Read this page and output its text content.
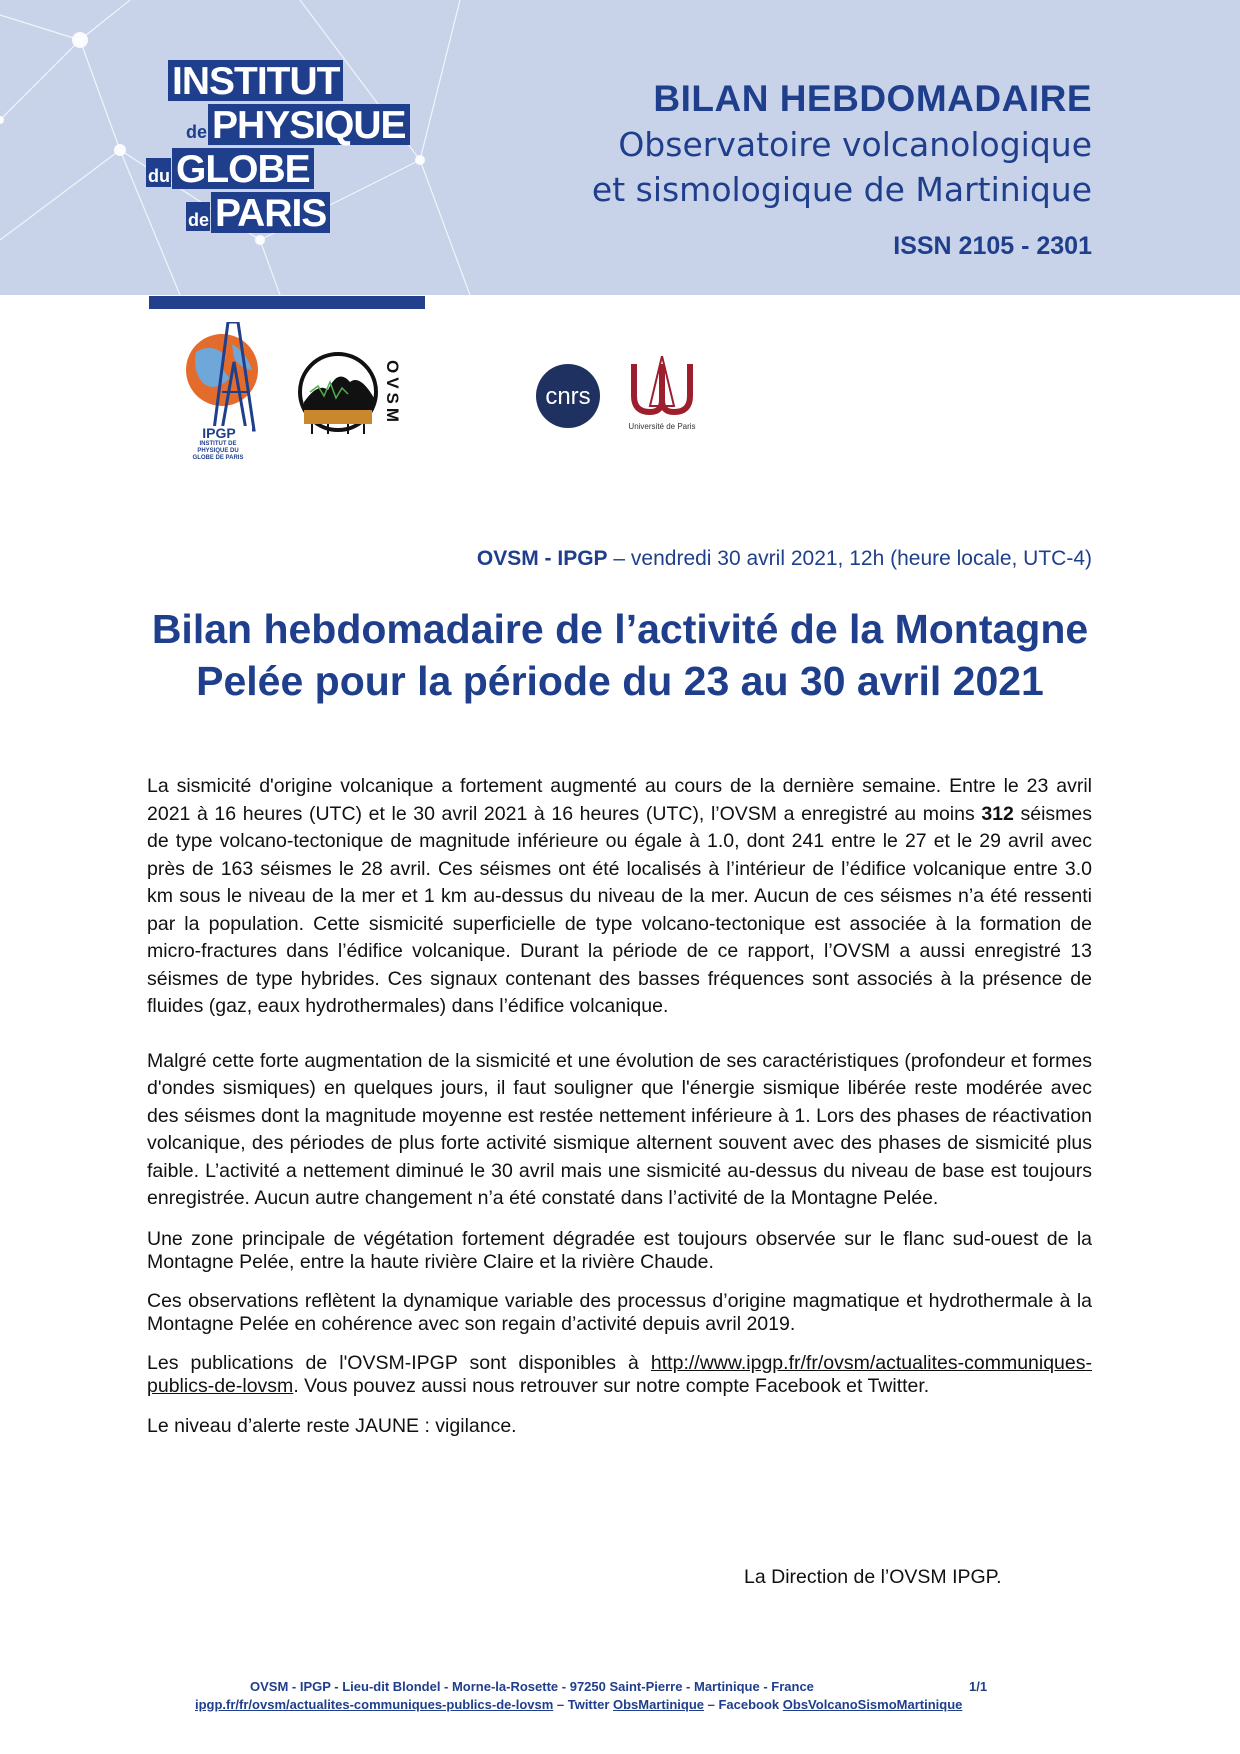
INSTITUT
de PHYSIQUE
du GLOBE
de PARIS
BILAN HEBDOMADAIRE

Observatoire volcanologique

et sismologique de Martinique

ISSN 2105 - 2301

IPGP
INSTITUT DE PHYSIQUE DU GLOBE DE PARIS
OVSM	cnrs
Université de Paris

OVSM - IPGP – vendredi 30 avril 2021, 12h (heure locale, UTC-4)

Bilan hebdomadaire de l’activité de la Montagne Pelée pour la période du 23 au 30 avril 2021

La sismicité d'origine volcanique a fortement augmenté au cours de la dernière semaine. Entre le 23 avril 2021 à 16 heures (UTC) et le 30 avril 2021 à 16 heures (UTC), l’OVSM a enregistré au moins 312 séismes de type volcano-tectonique de magnitude inférieure ou égale à 1.0, dont 241 entre le 27 et le 29 avril avec près de 163 séismes le 28 avril. Ces séismes ont été localisés à l’intérieur de l’édifice volcanique entre 3.0 km sous le niveau de la mer et 1 km au-dessus du niveau de la mer. Aucun de ces séismes n’a été ressenti par la population. Cette sismicité superficielle de type volcano-tectonique est associée à la formation de micro-fractures dans l’édifice volcanique. Durant la période de ce rapport, l’OVSM a aussi enregistré 13 séismes de type hybrides. Ces signaux contenant des basses fréquences sont associés à la présence de fluides (gaz, eaux hydrothermales) dans l’édifice volcanique.

Malgré cette forte augmentation de la sismicité et une évolution de ses caractéristiques (profondeur et formes d'ondes sismiques) en quelques jours, il faut souligner que l'énergie sismique libérée reste modérée avec des séismes dont la magnitude moyenne est restée nettement inférieure à 1. Lors des phases de réactivation volcanique, des périodes de plus forte activité sismique alternent souvent avec des phases de sismicité plus faible. L’activité a nettement diminué le 30 avril mais une sismicité au-dessus du niveau de base est toujours enregistrée. Aucun autre changement n’a été constaté dans l’activité de la Montagne Pelée.

Une zone principale de végétation fortement dégradée est toujours observée sur le flanc sud-ouest de la Montagne Pelée, entre la haute rivière Claire et la rivière Chaude.

Ces observations reflètent la dynamique variable des processus d’origine magmatique et hydrothermale à la Montagne Pelée en cohérence avec son regain d’activité depuis avril 2019.

Les publications de l'OVSM-IPGP sont disponibles à http://www.ipgp.fr/fr/ovsm/actualites-communiques-publics-de-lovsm. Vous pouvez aussi nous retrouver sur notre compte Facebook et Twitter.

Le niveau d’alerte reste JAUNE : vigilance.

La Direction de l’OVSM IPGP.

OVSM - IPGP - Lieu-dit Blondel - Morne-la-Rosette - 97250 Saint-Pierre - Martinique - France	1/1

ipgp.fr/fr/ovsm/actualites-communiques-publics-de-lovsm – Twitter ObsMartinique – Facebook ObsVolcanoSismoMartinique
